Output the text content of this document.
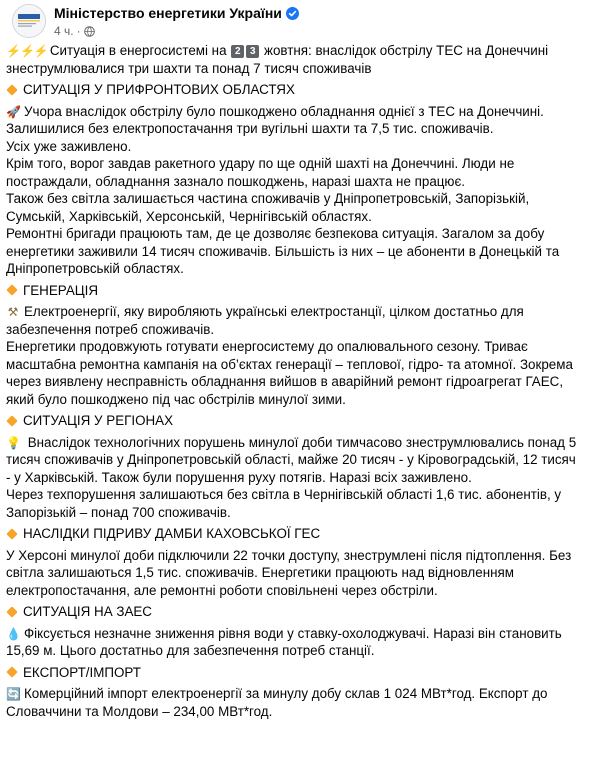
Міністерство енергетики України
4 ч. ·
⚡⚡⚡ Ситуація в енергосистемі на 2 3 жовтня: внаслідок обстрілу ТЕС на Донеччині
знеструмлювалися три шахти та понад 7 тисяч споживачів
СИТУАЦІЯ У ПРИФРОНТОВИХ ОБЛАСТЯХ
🚀 Учора внаслідок обстрілу було пошкоджено обладнання однієї з ТЕС на Донеччині.
Залишилися без електропостачання три вугільні шахти та 7,5 тис. споживачів.
Усіх уже заживлено.
Крім того, ворог завдав ракетного удару по ще одній шахті на Донеччині. Люди не
постраждали, обладнання зазнало пошкоджень, наразі шахта не працює.
Також без світла залишається частина споживачів у Дніпропетровській, Запорізькій,
Сумській, Харківській, Херсонській, Чернігівській областях.
Ремонтні бригади працюють там, де це дозволяє безпекова ситуація. Загалом за добу
енергетики заживили 14 тисяч споживачів. Більшість із них – це абоненти в Донецькій та
Дніпропетровській областях.
ГЕНЕРАЦІЯ
⚒ Електроенергії, яку виробляють українські електростанції, цілком достатньо для
забезпечення потреб споживачів.
Енергетики продовжують готувати енергосистему до опалювального сезону. Триває
масштабна ремонтна кампанія на об’єктах генерації – теплової, гідро- та атомної. Зокрема
через виявлену несправність обладнання вийшов в аварійний ремонт гідроагрегат ГАЕС,
який було пошкоджено під час обстрілів минулої зими.
СИТУАЦІЯ У РЕГІОНАХ
💡 Внаслідок технологічних порушень минулої доби тимчасово знеструмлювались понад 5
тисяч споживачів у Дніпропетровській області, майже 20 тисяч - у Кіровоградській, 12 тисяч
- у Харківській. Також були порушення руху потягів. Наразі всіх заживлено.
Через техпорушення залишаються без світла в Чернігівській області 1,6 тис. абонентів, у
Запорізькій – понад 700 споживачів.
НАСЛІДКИ ПІДРИВУ ДАМБИ КАХОВСЬКОЇ ГЕС
У Херсоні минулої доби підключили 22 точки доступу, знеструмлені після підтоплення. Без
світла залишаються 1,5 тис. споживачів. Енергетики працюють над відновленням
електропостачання, але ремонтні роботи сповільнені через обстріли.
СИТУАЦІЯ НА ЗАЕС
💧 Фіксується незначне зниження рівня води у ставку-охолоджувачі. Наразі він становить
15,69 м. Цього достатньо для забезпечення потреб станції.
ЕКСПОРТ/ІМПОРТ
🔄 Комерційний імпорт електроенергії за минулу добу склав 1 024 МВт*год. Експорт до
Словаччини та Молдови – 234,00 МВт*год.
